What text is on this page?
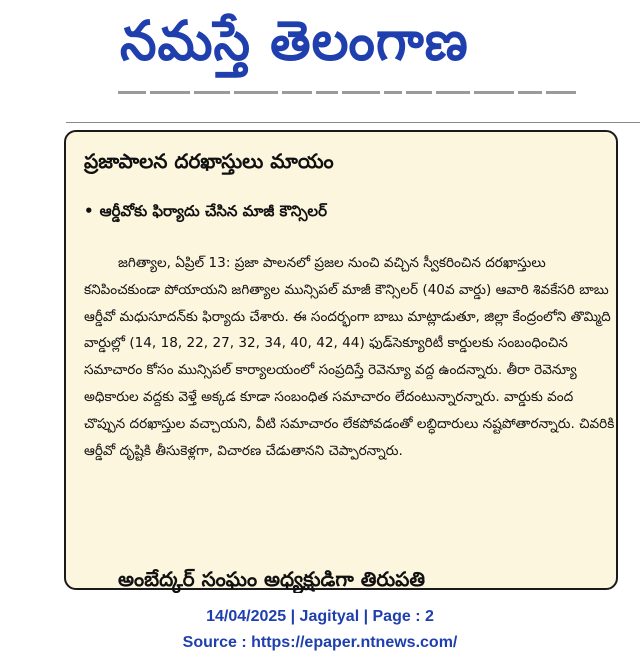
నమస్తే తెలంగాణ
ప్రజాపాలన దరఖాస్తులు మాయం
• ఆర్డీవోకు ఫిర్యాదు చేసిన మాజీ కౌన్సిలర్

జగిత్యాల, ఏప్రిల్ 13: ప్రజా పాలనలో ప్రజల నుంచి వచ్చిన స్వీకరించిన దరఖాస్తులు కనిపించకుండా పోయాయని జగిత్యాల మున్సిపల్ మాజీ కౌన్సిలర్ (40వ వార్డు) ఆవారి శివకేసరి బాబు ఆర్డీవో మధుసూదన్‌కు ఫిర్యాదు చేశారు. ఈ సందర్భంగా బాబు మాట్లాడుతూ, జిల్లా కేంద్రంలోని తొమ్మిది వార్డుల్లో (14, 18, 22, 27, 32, 34, 40, 42, 44) ఫుడ్‌సెక్యూరిటీ కార్డులకు సంబంధించిన సమాచారం కోసం మున్సిపల్ కార్యాలయంలో సంప్రదిస్తే రెవెన్యూ వద్ద ఉందన్నారు. తీరా రెవెన్యూ అధికారుల వద్దకు వెళ్తే అక్కడ కూడా సంబంధిత సమాచారం లేదంటున్నారన్నారు. వార్డుకు వంద చొప్పున దరఖాస్తుల వచ్చాయని, వీటి సమాచారం లేకపోవడంతో లబ్ధిదారులు నష్టపోతారన్నారు. చివరికి ఆర్డీవో దృష్టికి తీసుకెళ్లగా, విచారణ చేడుతానని చెప్పారన్నారు.

అంబేద్కర్ సంఘం అధ్యక్షుడిగా తిరుపతి
14/04/2025 | Jagityal | Page : 2
Source : https://epaper.ntnews.com/
